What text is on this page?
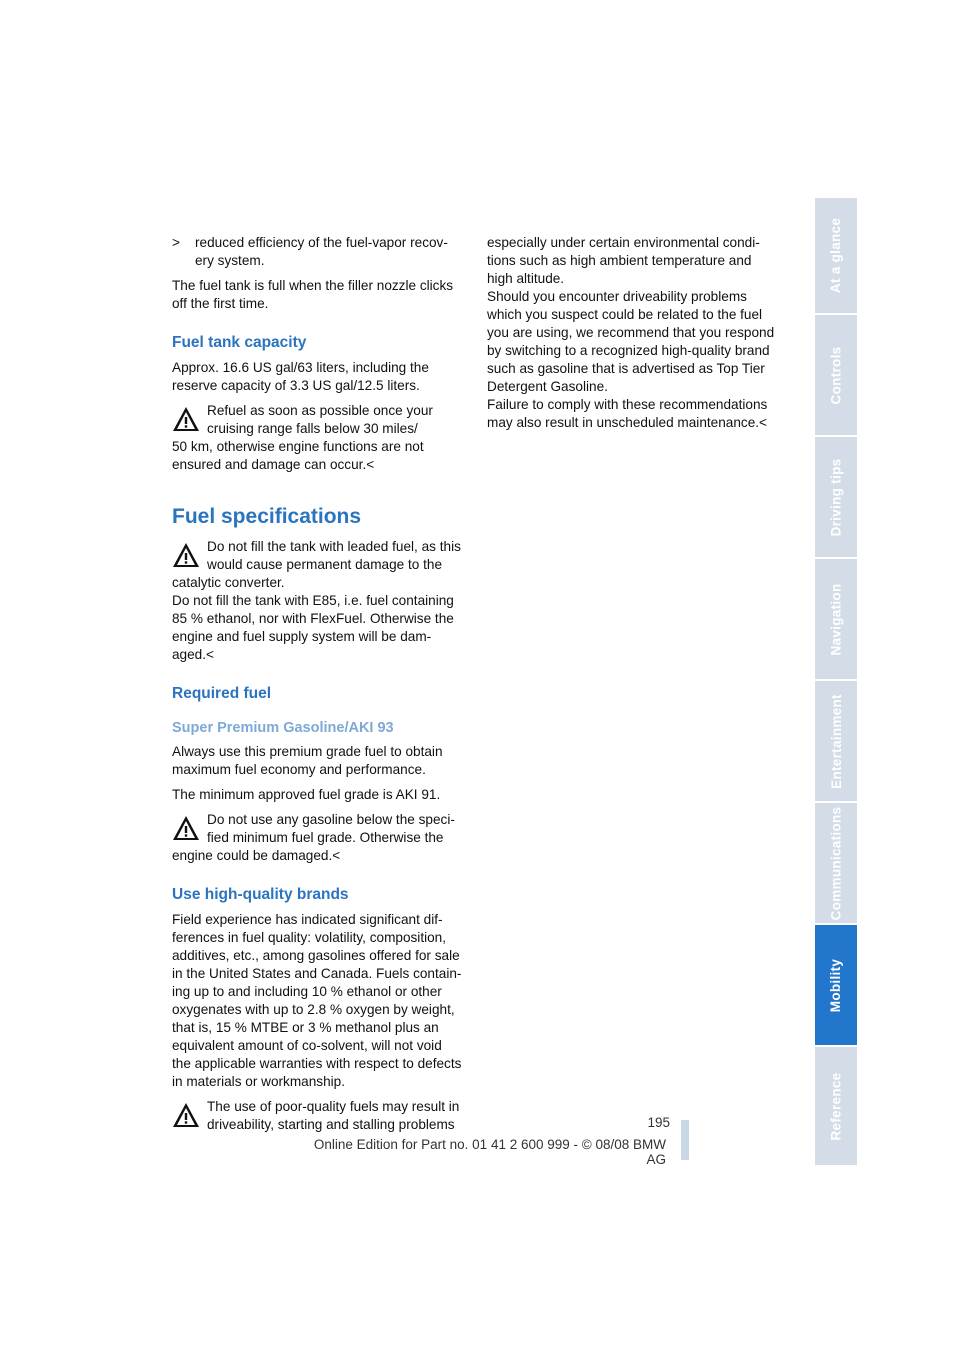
> reduced efficiency of the fuel-vapor recov-ery system.

The fuel tank is full when the filler nozzle clicks off the first time.

Fuel tank capacity

Approx. 16.6 US gal/63 liters, including the reserve capacity of 3.3 US gal/12.5 liters.

Refuel as soon as possible once your

cruising range falls below 30 miles/

50 km, otherwise engine functions are not ensured and damage can occur.<

Fuel specifications

Do not fill the tank with leaded fuel, as this

would cause permanent damage to the

catalytic converter.

Do not fill the tank with E85, i.e. fuel containing 85 % ethanol, nor with FlexFuel. Otherwise the engine and fuel supply system will be dam-aged.<

Required fuel
Super Premium Gasoline/AKI 93

Always use this premium grade fuel to obtain maximum fuel economy and performance.

The minimum approved fuel grade is AKI 91.

Do not use any gasoline below the speci-

fied minimum fuel grade. Otherwise the

engine could be damaged.<

Use high-quality brands

Field experience has indicated significant dif-ferences in fuel quality: volatility, composition, additives, etc., among gasolines offered for sale in the United States and Canada. Fuels contain-ing up to and including 10 % ethanol or other oxygenates with up to 2.8 % oxygen by weight, that is, 15 % MTBE or 3 % methanol plus an equivalent amount of co-solvent, will not void the applicable warranties with respect to defects in materials or workmanship.

The use of poor-quality fuels may result in

driveability, starting and stalling problems

especially under certain environmental condi-tions such as high ambient temperature and high altitude.

Should you encounter driveability problems which you suspect could be related to the fuel you are using, we recommend that you respond by switching to a recognized high-quality brand such as gasoline that is advertised as Top Tier Detergent Gasoline.

Failure to comply with these recommendations may also result in unscheduled maintenance.<

At a glance
Controls
Driving tips
Navigation
Entertainment
Communications
Mobility
Reference
195
Online Edition for Part no. 01 41 2 600 999 - © 08/08 BMW AG
